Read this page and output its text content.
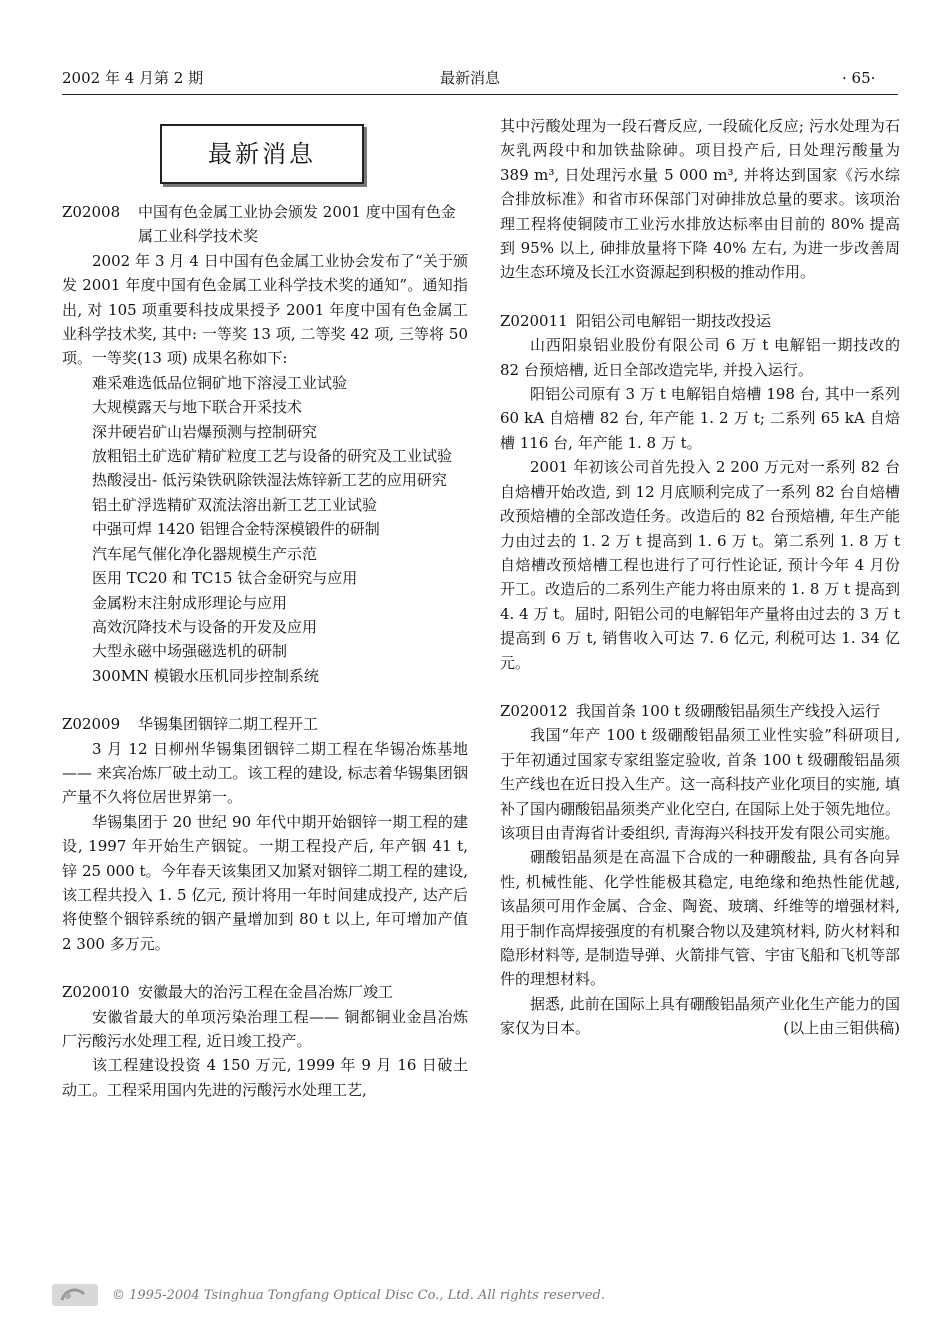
2002 年 4 月第 2 期	最新消息	· 65·
最新消息
Z02008	中国有色金属工业协会颁发 2001 度中国有色金属工业科学技术奖

2002 年 3 月 4 日中国有色金属工业协会发布了“关于颁发 2001 年度中国有色金属工业科学技术奖的通知”。通知指出, 对 105 项重要科技成果授予 2001 年度中国有色金属工业科学技术奖, 其中: 一等奖 13 项, 二等奖 42 项, 三等将 50 项。一等奖(13 项) 成果名称如下:

难采难选低品位铜矿地下溶浸工业试验
大规模露天与地下联合开采技术
深井硬岩矿山岩爆预测与控制研究
放粗铝土矿选矿精矿粒度工艺与设备的研究及工业试验
热酸浸出- 低污染铁矾除铁湿法炼锌新工艺的应用研究
铝土矿浮选精矿双流法溶出新工艺工业试验
中强可焊 1420 铝锂合金特深模锻件的研制
汽车尾气催化净化器规模生产示范
医用 TC20 和 TC15 钛合金研究与应用
金属粉末注射成形理论与应用
高效沉降技术与设备的开发及应用
大型永磁中场强磁选机的研制
300MN 模锻水压机同步控制系统
Z02009	华锡集团铟锌二期工程开工

3 月 12 日柳州华锡集团铟锌二期工程在华锡冶炼基地—— 来宾冶炼厂破土动工。该工程的建设, 标志着华锡集团铟产量不久将位居世界第一。

华锡集团于 20 世纪 90 年代中期开始铟锌一期工程的建设, 1997 年开始生产铟锭。一期工程投产后, 年产铟 41 t, 锌 25 000 t。今年春天该集团又加紧对铟锌二期工程的建设, 该工程共投入 1. 5 亿元, 预计将用一年时间建成投产, 达产后将使整个铟锌系统的铟产量增加到 80 t 以上, 年可增加产值 2 300 多万元。

Z020010 安徽最大的治污工程在金昌冶炼厂竣工

安徽省最大的单项污染治理工程—— 铜都铜业金昌冶炼厂污酸污水处理工程, 近日竣工投产。

该工程建设投资 4 150 万元, 1999 年 9 月 16 日破土动工。工程采用国内先进的污酸污水处理工艺,

其中污酸处理为一段石膏反应, 一段硫化反应; 污水处理为石灰乳两段中和加铁盐除砷。项目投产后, 日处理污酸量为 389 m³, 日处理污水量 5 000 m³, 并将达到国家《污水综合排放标准》和省市环保部门对砷排放总量的要求。该项治理工程将使铜陵市工业污水排放达标率由目前的 80% 提高到 95% 以上, 砷排放量将下降 40% 左右, 为进一步改善周边生态环境及长江水资源起到积极的推动作用。

Z020011 阳铝公司电解铝一期技改投运

山西阳泉铝业股份有限公司 6 万 t 电解铝一期技改的 82 台预焙槽, 近日全部改造完毕, 并投入运行。

阳铝公司原有 3 万 t 电解铝自焙槽 198 台, 其中一系列 60 kA 自焙槽 82 台, 年产能 1. 2 万 t; 二系列 65 kA 自焙槽 116 台, 年产能 1. 8 万 t。

2001 年初该公司首先投入 2 200 万元对一系列 82 台自焙槽开始改造, 到 12 月底顺利完成了一系列 82 台自焙槽改预焙槽的全部改造任务。改造后的 82 台预焙槽, 年生产能力由过去的 1. 2 万 t 提高到 1. 6 万 t。第二系列 1. 8 万 t 自焙槽改预焙槽工程也进行了可行性论证, 预计今年 4 月份开工。改造后的二系列生产能力将由原来的 1. 8 万 t 提高到 4. 4 万 t。届时, 阳铝公司的电解铝年产量将由过去的 3 万 t 提高到 6 万 t, 销售收入可达 7. 6 亿元, 利税可达 1. 34 亿元。

Z020012 我国首条 100 t 级硼酸铝晶须生产线投入运行

我国“年产 100 t 级硼酸铝晶须工业性实验”科研项目, 于年初通过国家专家组鉴定验收, 首条 100 t 级硼酸铝晶须生产线也在近日投入生产。这一高科技产业化项目的实施, 填补了国内硼酸铝晶须类产业化空白, 在国际上处于领先地位。该项目由青海省计委组织, 青海海兴科技开发有限公司实施。

硼酸铝晶须是在高温下合成的一种硼酸盐, 具有各向异性, 机械性能、化学性能极其稳定, 电绝缘和绝热性能优越, 该晶须可用作金属、合金、陶瓷、玻璃、纤维等的增强材料, 用于制作高焊接强度的有机聚合物以及建筑材料, 防火材料和隐形材料等, 是制造导弹、火箭排气管、宇宙飞船和飞机等部件的理想材料。

据悉, 此前在国际上具有硼酸铝晶须产业化生产能力的国家仅为日本。	(以上由三钼供稿)

© 1995-2004 Tsinghua Tongfang Optical Disc Co., Ltd. All rights reserved.
